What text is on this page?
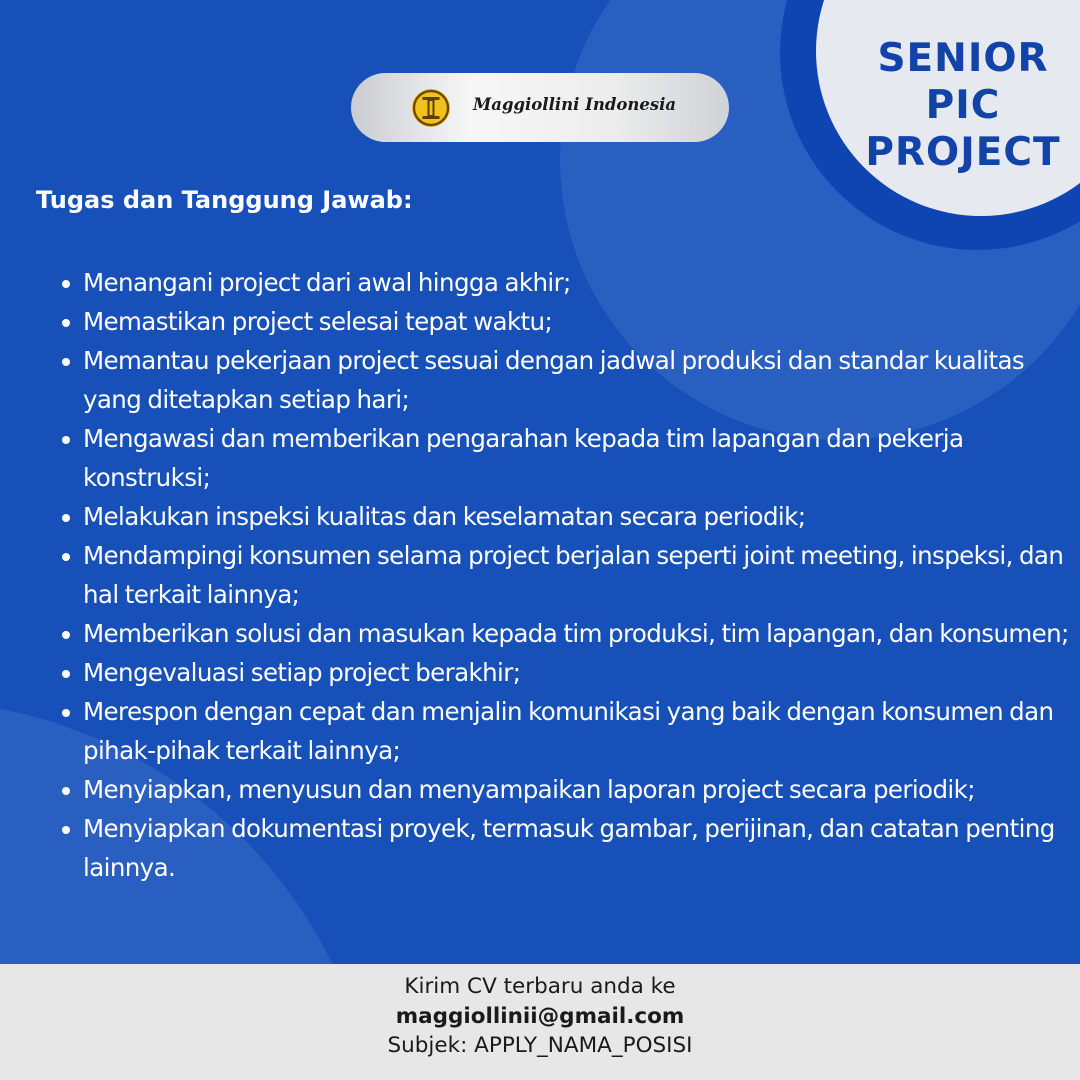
SENIOR PIC PROJECT
Maggiollini Indonesia
Tugas dan Tanggung Jawab:
Menangani project dari awal hingga akhir;
Memastikan project selesai tepat waktu;
Memantau pekerjaan project sesuai dengan jadwal produksi dan standar kualitas yang ditetapkan setiap hari;
Mengawasi dan memberikan pengarahan kepada tim lapangan dan pekerja konstruksi;
Melakukan inspeksi kualitas dan keselamatan secara periodik;
Mendampingi konsumen selama project berjalan seperti joint meeting, inspeksi, dan hal terkait lainnya;
Memberikan solusi dan masukan kepada tim produksi, tim lapangan, dan konsumen;
Mengevaluasi setiap project berakhir;
Merespon dengan cepat dan menjalin komunikasi yang baik dengan konsumen dan pihak-pihak terkait lainnya;
Menyiapkan, menyusun dan menyampaikan laporan project secara periodik;
Menyiapkan dokumentasi proyek, termasuk gambar, perijinan, dan catatan penting lainnya.
Kirim CV terbaru anda ke
maggiollinii@gmail.com
Subjek: APPLY_NAMA_POSISI
